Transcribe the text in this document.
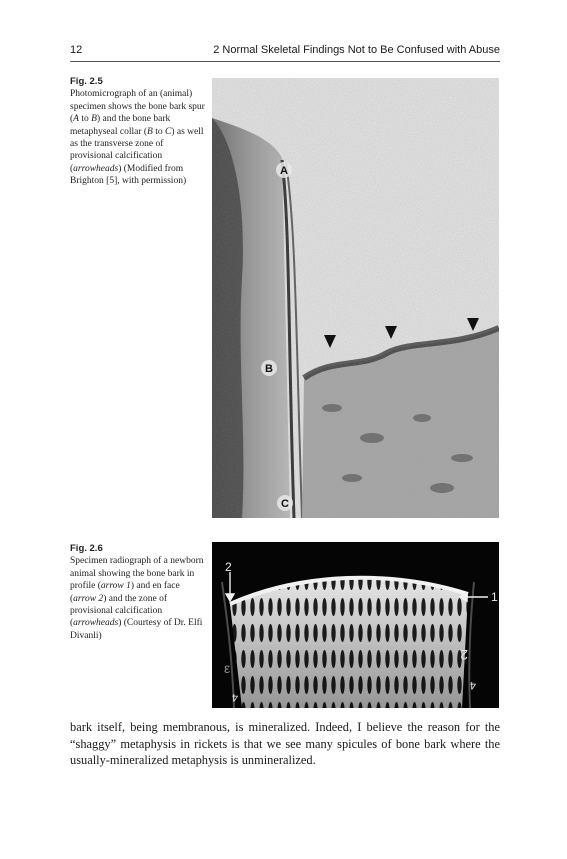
12	2 Normal Skeletal Findings Not to Be Confused with Abuse
Fig. 2.5
Photomicrograph of an (animal) specimen shows the bone bark spur (A to B) and the bone bark metaphyseal collar (B to C) as well as the transverse zone of provisional calcification (arrowheads) (Modified from Brighton [5], with permission)
A
B
C
Fig. 2.6
Specimen radiograph of a newborn animal showing the bone bark in profile (arrow 1) and en face (arrow 2) and the zone of provisional calcification (arrowheads) (Courtesy of Dr. Elfi Divanli)
2
1
ε
2
4
4
bark itself, being membranous, is mineralized. Indeed, I believe the reason for the “shaggy” metaphysis in rickets is that we see many spicules of bone bark where the usually-mineralized metaphysis is unmineralized.
